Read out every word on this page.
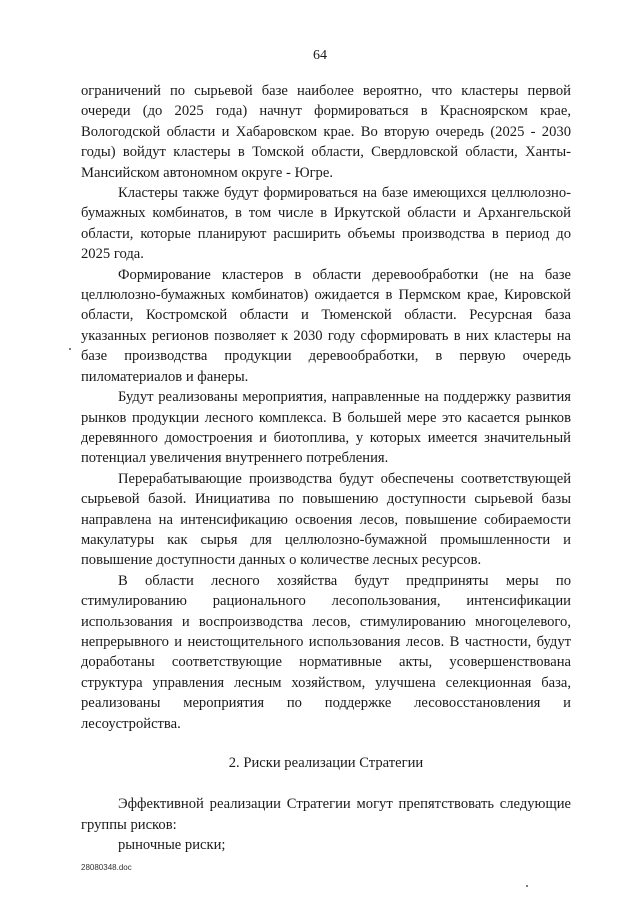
64

ограничений по сырьевой базе наиболее вероятно, что кластеры первой очереди (до 2025 года) начнут формироваться в Красноярском крае, Вологодской области и Хабаровском крае. Во вторую очередь (2025 - 2030 годы) войдут кластеры в Томской области, Свердловской области, Ханты-Мансийском автономном округе - Югре.

Кластеры также будут формироваться на базе имеющихся целлюлозно-бумажных комбинатов, в том числе в Иркутской области и Архангельской области, которые планируют расширить объемы производства в период до 2025 года.

Формирование кластеров в области деревообработки (не на базе целлюлозно-бумажных комбинатов) ожидается в Пермском крае, Кировской области, Костромской области и Тюменской области. Ресурсная база указанных регионов позволяет к 2030 году сформировать в них кластеры на базе производства продукции деревообработки, в первую очередь пиломатериалов и фанеры.

Будут реализованы мероприятия, направленные на поддержку развития рынков продукции лесного комплекса. В большей мере это касается рынков деревянного домостроения и биотоплива, у которых имеется значительный потенциал увеличения внутреннего потребления.

Перерабатывающие производства будут обеспечены соответствующей сырьевой базой. Инициатива по повышению доступности сырьевой базы направлена на интенсификацию освоения лесов, повышение собираемости макулатуры как сырья для целлюлозно-бумажной промышленности и повышение доступности данных о количестве лесных ресурсов.

В области лесного хозяйства будут предприняты меры по стимулированию рационального лесопользования, интенсификации использования и воспроизводства лесов, стимулированию многоцелевого, непрерывного и неистощительного использования лесов. В частности, будут доработаны соответствующие нормативные акты, усовершенствована структура управления лесным хозяйством, улучшена селекционная база, реализованы мероприятия по поддержке лесовосстановления и лесоустройства.

2. Риски реализации Стратегии

Эффективной реализации Стратегии могут препятствовать следующие группы рисков:

рыночные риски;

28080348.doc
